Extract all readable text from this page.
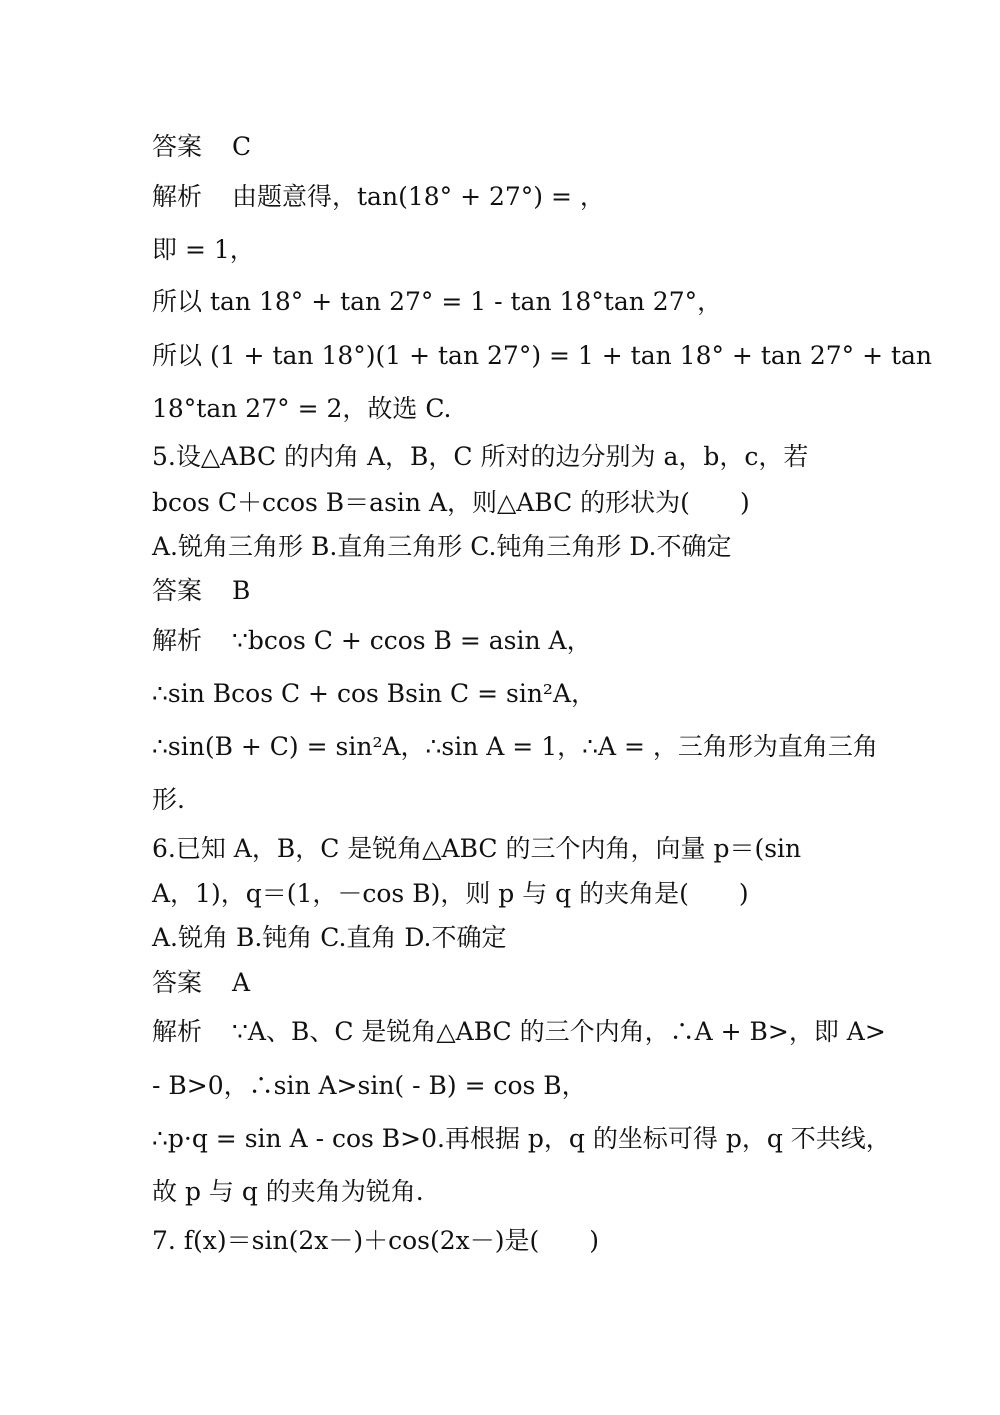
答案 C
解析 由题意得，tan(18° + 27°) = ，
即 = 1，
所以 tan 18° + tan 27° = 1 - tan 18°tan 27°，
所以 (1 + tan 18°)(1 + tan 27°) = 1 + tan 18° + tan 27° + tan
18°tan 27° = 2，故选 C.
5.设△ABC 的内角 A，B，C 所对的边分别为 a，b，c，若
bcos C＋ccos B＝asin A，则△ABC 的形状为(　　)
A.锐角三角形 B.直角三角形 C.钝角三角形 D.不确定
答案 B
解析 ∵bcos C + ccos B = asin A，
∴sin Bcos C + cos Bsin C = sin²A，
∴sin(B + C) = sin²A，∴sin A = 1，∴A = ，三角形为直角三角
形.
6.已知 A，B，C 是锐角△ABC 的三个内角，向量 p＝(sin
A，1)，q＝(1，－cos B)，则 p 与 q 的夹角是(　　)
A.锐角 B.钝角 C.直角 D.不确定
答案 A
解析 ∵A、B、C 是锐角△ABC 的三个内角，∴A + B>，即 A>
- B>0，∴sin A>sin( - B) = cos B，
∴p·q = sin A - cos B>0.再根据 p，q 的坐标可得 p，q 不共线，
故 p 与 q 的夹角为锐角.
7. f(x)＝sin(2x－)＋cos(2x－)是(　　)
